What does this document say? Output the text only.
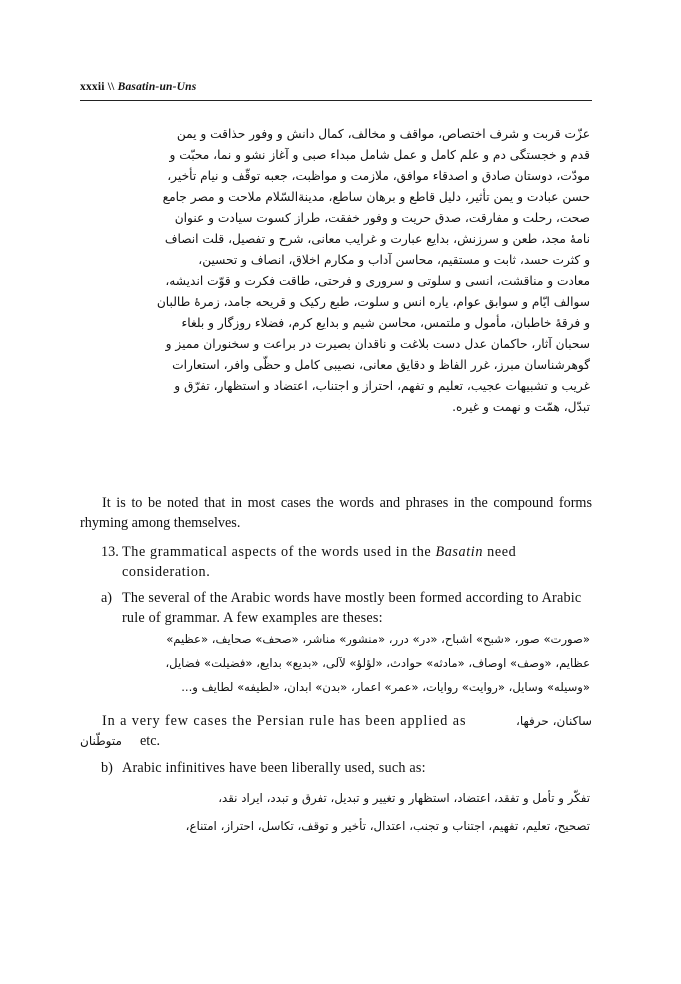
xxxii \\ Basatin-un-Uns
عزّت قربت و شرف اختصاص، مواقف و مخالف، کمال دانش و وفور حذاقت و یمن
قدم و خجستگی دم و علم کامل و عمل شامل مبداء صبی و آغاز نشو و نما، محبّت و
مودّت، دوستان صادق و اصدقاء موافق، ملازمت و مواظبت، جعبه توقّف و نیام تأخیر،
حسن عبادت و یمن تأثیر، دلیل قاطع و برهان ساطع، مدینةالسّلام ملاحت و مصر جامع
صحت، رحلت و مفارقت، صدق حریت و وفور خفقت، طراز کسوت سیادت و عنوان
نامهٔ مجد، طعن و سرزنش، بدایع عبارت و غرایب معانی، شرح و تفصیل، قلت انصاف
و کثرت حسد، ثابت و مستقیم، محاسن آداب و مکارم اخلاق، انصاف و تحسین،
معادت و مناقشت، انسی و سلوتی و سروری و فرحتی، طاقت فکرت و قوّت اندیشه،
سوالف ایّام و سوابق عوام، یاره انس و سلوت، طبع رکیک و قریحه جامد، زمرهٔ طالبان
و فرقهٔ خاطبان، مأمول و ملتمس، محاسن شیم و بدایع کرم، فضلاء روزگار و بلغاء
سحبان آثار، حاکمان عدل دست بلاغت و ناقدان بصیرت در براعت و سخنوران ممیز و
گوهرشناسان مبرز، غرر الفاظ و دقایق معانی، نصیبی کامل و حظّی وافر، استعارات
غریب و تشبیهات عجیب، تعلیم و تفهم، احتراز و اجتناب، اعتضاد و استظهار، تفرّق و
تبدّل، همّت و نهمت و غیره.
It is to be noted that in most cases the words and phrases in the compound forms rhyming among themselves.
13. The grammatical aspects of the words used in the Basatin need consideration.
a) The several of the Arabic words have mostly been formed according to Arabic rule of grammar. A few examples are theses:
«صورت» صور، «شبح» اشباح، «در» درر، «منشور» مناشر، «صحف» صحایف، «عظیم»
عظایم، «وصف» اوصاف، «مادثه» حوادث، «لؤلؤ» لآلی، «بدیع» بدایع، «فضیلت» فضایل،
«وسیله» وسایل، «روایت» روایات، «عمر» اعمار، «بدن» ابدان، «لطیفه» لطایف و...
In a very few cases the Persian rule has been applied as	ساکنان، حرفها،
متوطّنان etc.
b) Arabic infinitives have been liberally used, such as:
تفکّر و تأمل و تفقد، اعتضاد، استظهار و تغییر و تبدیل، تفرق و تبدد، ایراد نقد،
تصحیح، تعلیم، تفهیم، اجتناب و تجنب، اعتدال، تأخیر و توقف، تکاسل، احتراز، امتناع،
